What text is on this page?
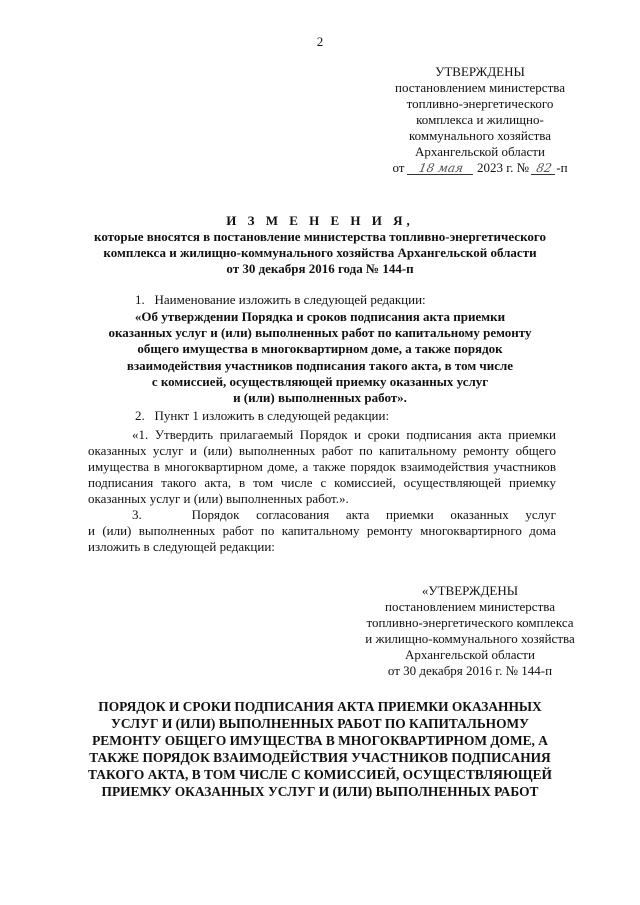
2
УТВЕРЖДЕНЫ
постановлением министерства
топливно-энергетического
комплекса и жилищно-
коммунального хозяйства
Архангельской области
от 18 мая 2023 г. № 82 -п
И З М Е Н Е Н И Я,
которые вносятся в постановление министерства топливно-энергетического
комплекса и жилищно-коммунального хозяйства Архангельской области
от 30 декабря 2016 года № 144-п
1.   Наименование изложить в следующей редакции:
«Об утверждении Порядка и сроков подписания акта приемки
оказанных услуг и (или) выполненных работ по капитальному ремонту
общего имущества в многоквартирном доме, а также порядок
взаимодействия участников подписания такого акта, в том числе
с комиссией, осуществляющей приемку оказанных услуг
и (или) выполненных работ».
2.   Пункт 1 изложить в следующей редакции:
«1. Утвердить прилагаемый Порядок и сроки подписания акта приемки
оказанных услуг и (или) выполненных работ по капитальному ремонту общего
имущества в многоквартирном доме, а также порядок взаимодействия участников
подписания такого акта, в том числе с комиссией, осуществляющей приемку
оказанных услуг и (или) выполненных работ.».
3.   Порядок согласования акта приемки оказанных услуг
и (или) выполненных работ по капитальному ремонту многоквартирного дома
изложить в следующей редакции:
«УТВЕРЖДЕНЫ
постановлением министерства
топливно-энергетического комплекса
и жилищно-коммунального хозяйства
Архангельской области
от 30 декабря 2016 г. № 144-п
ПОРЯДОК И СРОКИ ПОДПИСАНИЯ АКТА ПРИЕМКИ ОКАЗАННЫХ
УСЛУГ И (ИЛИ) ВЫПОЛНЕННЫХ РАБОТ ПО КАПИТАЛЬНОМУ
РЕМОНТУ ОБЩЕГО ИМУЩЕСТВА В МНОГОКВАРТИРНОМ ДОМЕ, А
ТАКЖЕ ПОРЯДОК ВЗАИМОДЕЙСТВИЯ УЧАСТНИКОВ ПОДПИСАНИЯ
ТАКОГО АКТА, В ТОМ ЧИСЛЕ С КОМИССИЕЙ, ОСУЩЕСТВЛЯЮЩЕЙ
ПРИЕМКУ ОКАЗАННЫХ УСЛУГ И (ИЛИ) ВЫПОЛНЕННЫХ РАБОТ
